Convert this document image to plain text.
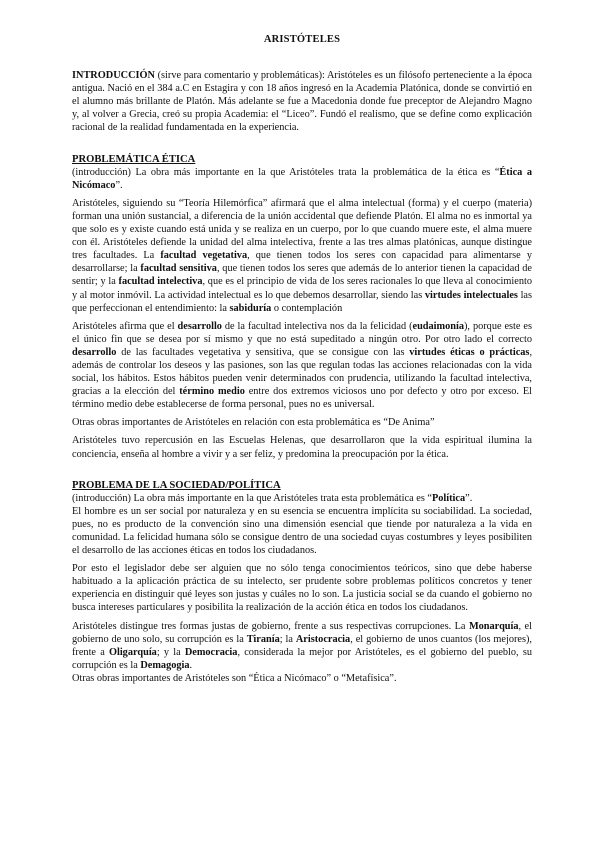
ARISTÓTELES

INTRODUCCIÓN (sirve para comentario y problemáticas): Aristóteles es un filósofo perteneciente a la época antigua. Nació en el 384 a.C en Estagira y con 18 años ingresó en la Academia Platónica, donde se convirtió en el alumno más brillante de Platón. Más adelante se fue a Macedonia donde fue preceptor de Alejandro Magno y, al volver a Grecia, creó su propia Academia: el “Liceo”. Fundó el realismo, que se define como explicación racional de la realidad fundamentada en la experiencia.

PROBLEMÁTICA ÉTICA

(introducción) La obra más importante en la que Aristóteles trata la problemática de la ética es “Ética a Nicómaco”.

Aristóteles, siguiendo su “Teoría Hilemórfica” afirmará que el alma intelectual (forma) y el cuerpo (materia) forman una unión sustancial, a diferencia de la unión accidental que defiende Platón. El alma no es inmortal ya que solo es y existe cuando está unida y se realiza en un cuerpo, por lo que cuando muere este, el alma muere con él. Aristóteles defiende la unidad del alma intelectiva, frente a las tres almas platónicas, aunque distingue tres facultades. La facultad vegetativa, que tienen todos los seres con capacidad para alimentarse y desarrollarse; la facultad sensitiva, que tienen todos los seres que además de lo anterior tienen la capacidad de sentir; y la facultad intelectiva, que es el principio de vida de los seres racionales lo que lleva al conocimiento y al motor inmóvil. La actividad intelectual es lo que debemos desarrollar, siendo las virtudes intelectuales las que perfeccionan el entendimiento: la sabiduría o contemplación

Aristóteles afirma que el desarrollo de la facultad intelectiva nos da la felicidad (eudaimonía), porque este es el único fin que se desea por sí mismo y que no está supeditado a ningún otro. Por otro lado el correcto desarrollo de las facultades vegetativa y sensitiva, que se consigue con las virtudes éticas o prácticas, además de controlar los deseos y las pasiones, son las que regulan todas las acciones relacionadas con la vida social, los hábitos. Estos hábitos pueden venir determinados con prudencia, utilizando la facultad intelectiva, gracias a la elección del término medio entre dos extremos viciosos uno por defecto y otro por exceso. El término medio debe establecerse de forma personal, pues no es universal.

Otras obras importantes de Aristóteles en relación con esta problemática es “De Anima”

Aristóteles tuvo repercusión en las Escuelas Helenas, que desarrollaron que la vida espiritual ilumina la conciencia, enseña al hombre a vivir y a ser feliz, y predomina la preocupación por la ética.

PROBLEMA DE LA SOCIEDAD/POLÍTICA

(introducción) La obra más importante en la que Aristóteles trata esta problemática es “Política”.

El hombre es un ser social por naturaleza y en su esencia se encuentra implícita su sociabilidad. La sociedad, pues, no es producto de la convención sino una dimensión esencial que tiende por naturaleza a la vida en comunidad. La felicidad humana sólo se consigue dentro de una sociedad cuyas costumbres y leyes posibiliten el desarrollo de las acciones éticas en todos los ciudadanos.

Por esto el legislador debe ser alguien que no sólo tenga conocimientos teóricos, sino que debe haberse habituado a la aplicación práctica de su intelecto, ser prudente sobre problemas políticos concretos y tener experiencia en distinguir qué leyes son justas y cuáles no lo son. La justicia social se da cuando el gobierno no busca intereses particulares y posibilita la realización de la acción ética en todos los ciudadanos.

Aristóteles distingue tres formas justas de gobierno, frente a sus respectivas corrupciones. La Monarquía, el gobierno de uno solo, su corrupción es la Tiranía; la Aristocracia, el gobierno de unos cuantos (los mejores), frente a Oligarquía; y la Democracia, considerada la mejor por Aristóteles, es el gobierno del pueblo, su corrupción es la Demagogia.

Otras obras importantes de Aristóteles son “Ética a Nicómaco” o “Metafísica”.
